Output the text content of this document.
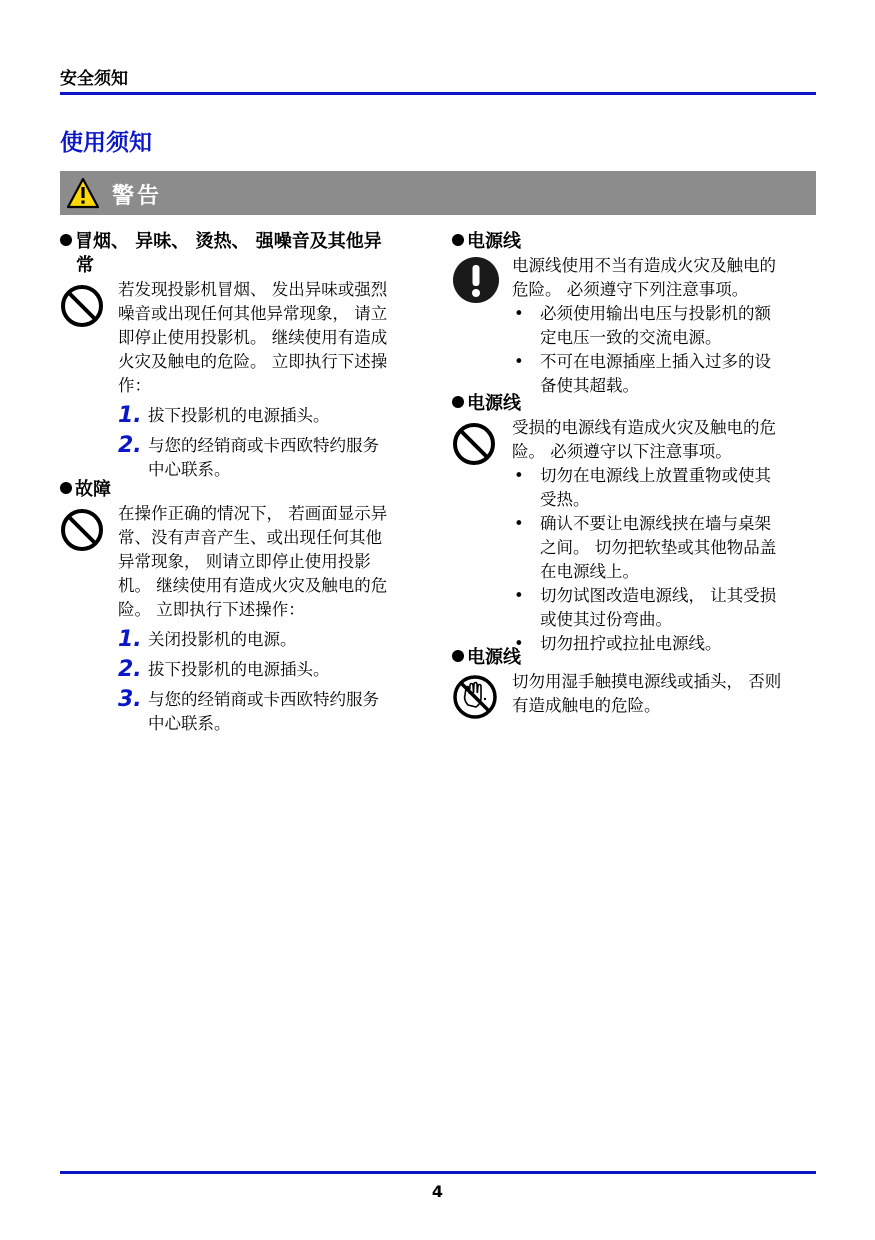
安全须知
使用须知
警告
冒烟、 异味、 烫热、 强噪音及其他异
常
若发现投影机冒烟、 发出异味或强烈
噪音或出现任何其他异常现象， 请立
即停止使用投影机。 继续使用有造成
火灾及触电的危险。 立即执行下述操
作：
1. 拔下投影机的电源插头。
2. 与您的经销商或卡西欧特约服务
中心联系。
故障
在操作正确的情况下， 若画面显示异
常、没有声音产生、或出现任何其他
异常现象， 则请立即停止使用投影
机。 继续使用有造成火灾及触电的危
险。 立即执行下述操作：
1. 关闭投影机的电源。
2. 拔下投影机的电源插头。
3. 与您的经销商或卡西欧特约服务
中心联系。
电源线
电源线使用不当有造成火灾及触电的
危险。 必须遵守下列注意事项。
• 必须使用输出电压与投影机的额
定电压一致的交流电源。
• 不可在电源插座上插入过多的设
备使其超载。
电源线
受损的电源线有造成火灾及触电的危
险。 必须遵守以下注意事项。
• 切勿在电源线上放置重物或使其
受热。
• 确认不要让电源线挟在墙与桌架
之间。 切勿把软垫或其他物品盖
在电源线上。
• 切勿试图改造电源线， 让其受损
或使其过份弯曲。
• 切勿扭拧或拉扯电源线。
电源线
切勿用湿手触摸电源线或插头， 否则
有造成触电的危险。
4
